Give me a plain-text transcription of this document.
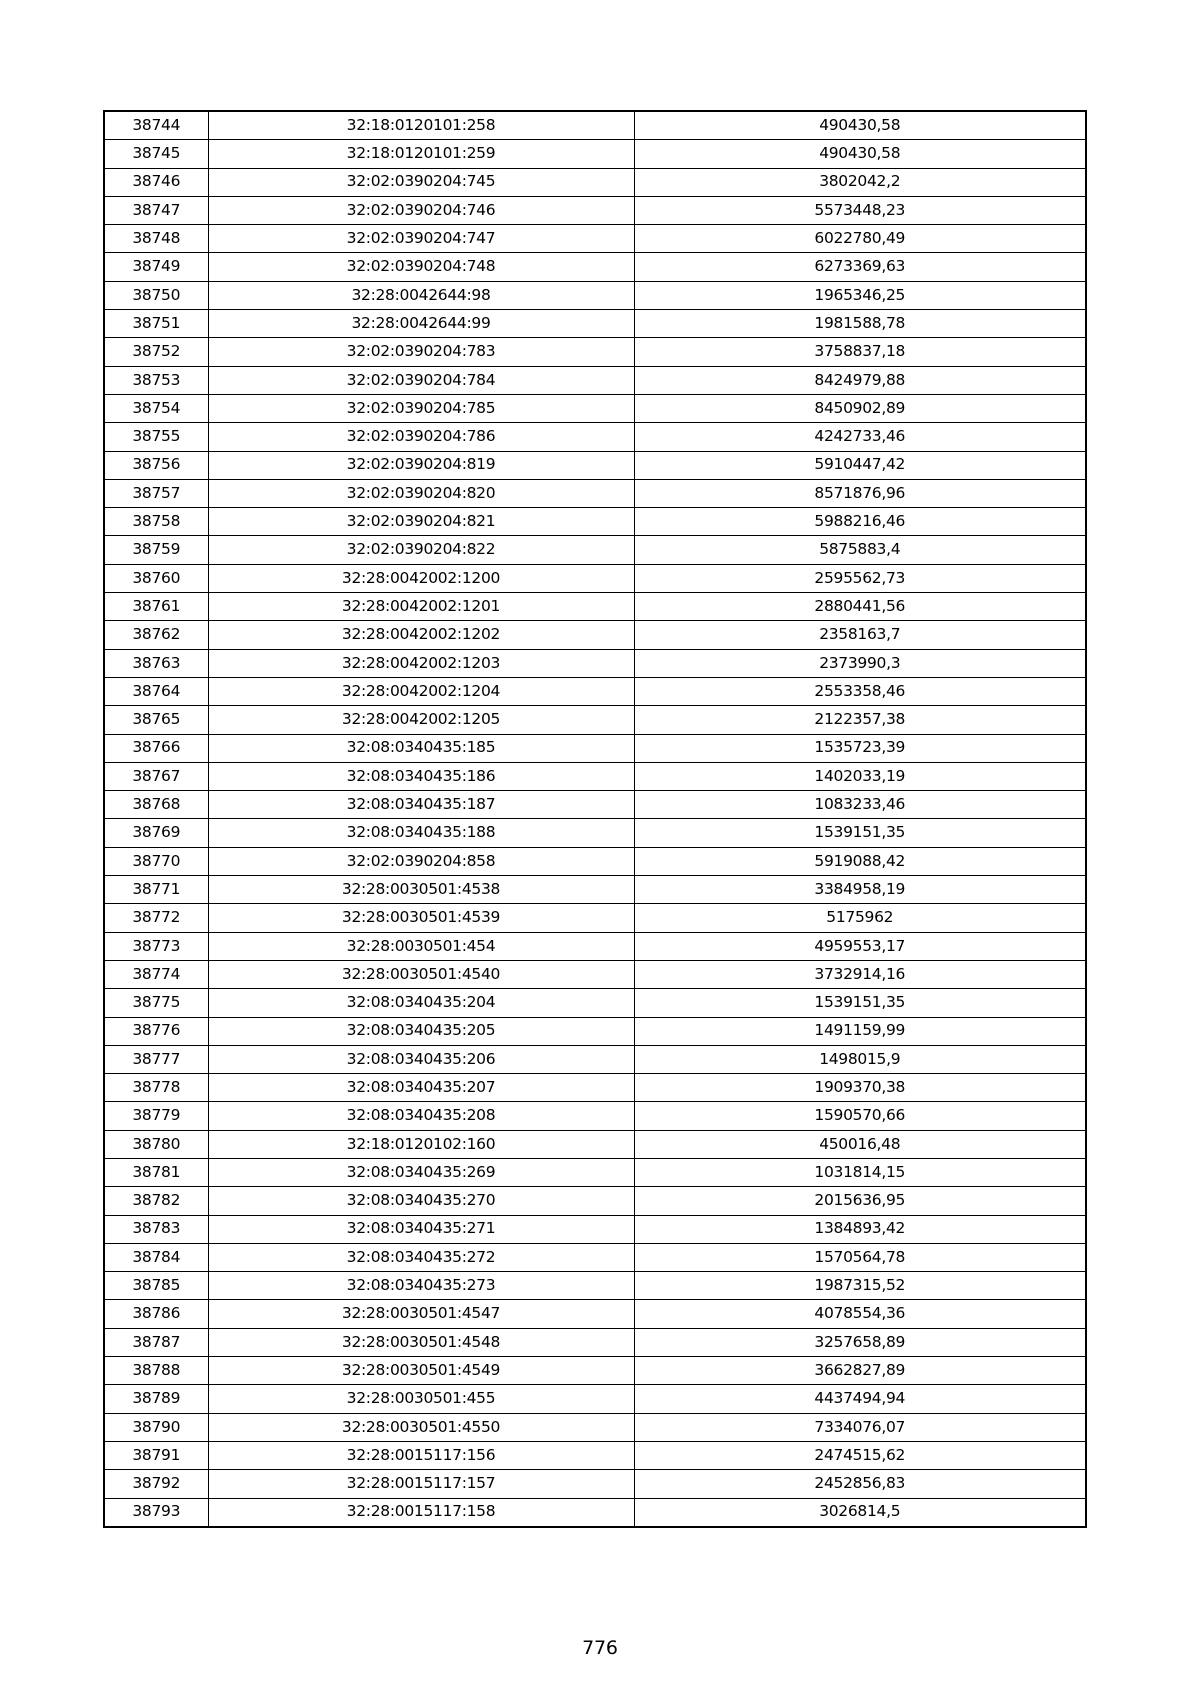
38744	32:18:0120101:258	490430,58
38745	32:18:0120101:259	490430,58
38746	32:02:0390204:745	3802042,2
38747	32:02:0390204:746	5573448,23
38748	32:02:0390204:747	6022780,49
38749	32:02:0390204:748	6273369,63
38750	32:28:0042644:98	1965346,25
38751	32:28:0042644:99	1981588,78
38752	32:02:0390204:783	3758837,18
38753	32:02:0390204:784	8424979,88
38754	32:02:0390204:785	8450902,89
38755	32:02:0390204:786	4242733,46
38756	32:02:0390204:819	5910447,42
38757	32:02:0390204:820	8571876,96
38758	32:02:0390204:821	5988216,46
38759	32:02:0390204:822	5875883,4
38760	32:28:0042002:1200	2595562,73
38761	32:28:0042002:1201	2880441,56
38762	32:28:0042002:1202	2358163,7
38763	32:28:0042002:1203	2373990,3
38764	32:28:0042002:1204	2553358,46
38765	32:28:0042002:1205	2122357,38
38766	32:08:0340435:185	1535723,39
38767	32:08:0340435:186	1402033,19
38768	32:08:0340435:187	1083233,46
38769	32:08:0340435:188	1539151,35
38770	32:02:0390204:858	5919088,42
38771	32:28:0030501:4538	3384958,19
38772	32:28:0030501:4539	5175962
38773	32:28:0030501:454	4959553,17
38774	32:28:0030501:4540	3732914,16
38775	32:08:0340435:204	1539151,35
38776	32:08:0340435:205	1491159,99
38777	32:08:0340435:206	1498015,9
38778	32:08:0340435:207	1909370,38
38779	32:08:0340435:208	1590570,66
38780	32:18:0120102:160	450016,48
38781	32:08:0340435:269	1031814,15
38782	32:08:0340435:270	2015636,95
38783	32:08:0340435:271	1384893,42
38784	32:08:0340435:272	1570564,78
38785	32:08:0340435:273	1987315,52
38786	32:28:0030501:4547	4078554,36
38787	32:28:0030501:4548	3257658,89
38788	32:28:0030501:4549	3662827,89
38789	32:28:0030501:455	4437494,94
38790	32:28:0030501:4550	7334076,07
38791	32:28:0015117:156	2474515,62
38792	32:28:0015117:157	2452856,83
38793	32:28:0015117:158	3026814,5
776
